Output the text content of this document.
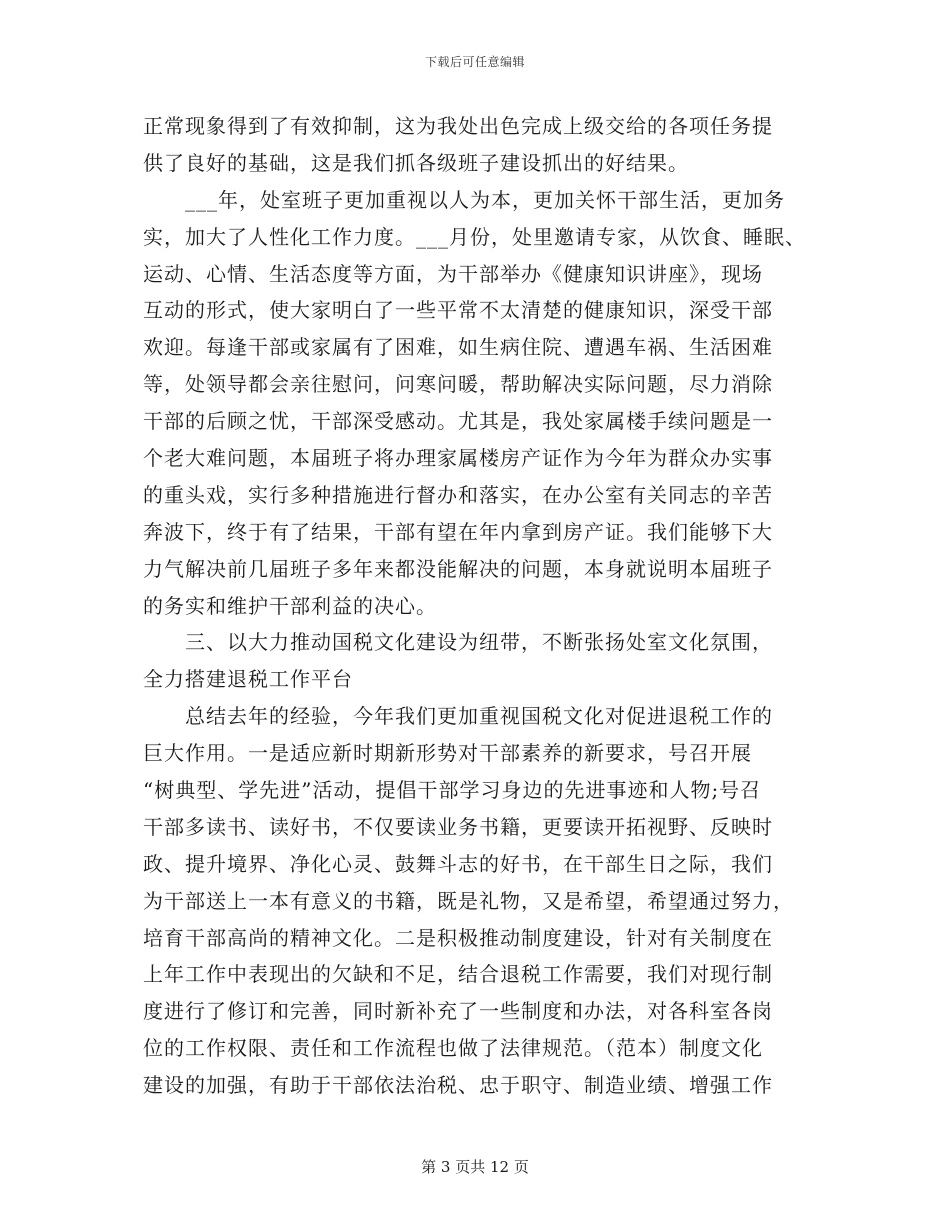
下载后可任意编辑
正常现象得到了有效抑制，这为我处出色完成上级交给的各项任务提
供了良好的基础，这是我们抓各级班子建设抓出的好结果。
　　___年，处室班子更加重视以人为本，更加关怀干部生活，更加务
实，加大了人性化工作力度。___月份，处里邀请专家，从饮食、睡眠、
运动、心情、生活态度等方面，为干部举办《健康知识讲座》，现场
互动的形式，使大家明白了一些平常不太清楚的健康知识，深受干部
欢迎。每逢干部或家属有了困难，如生病住院、遭遇车祸、生活困难
等，处领导都会亲往慰问，问寒问暖，帮助解决实际问题，尽力消除
干部的后顾之忧，干部深受感动。尤其是，我处家属楼手续问题是一
个老大难问题，本届班子将办理家属楼房产证作为今年为群众办实事
的重头戏，实行多种措施进行督办和落实，在办公室有关同志的辛苦
奔波下，终于有了结果，干部有望在年内拿到房产证。我们能够下大
力气解决前几届班子多年来都没能解决的问题，本身就说明本届班子
的务实和维护干部利益的决心。
　　三、以大力推动国税文化建设为纽带，不断张扬处室文化氛围，
全力搭建退税工作平台
　　总结去年的经验，今年我们更加重视国税文化对促进退税工作的
巨大作用。一是适应新时期新形势对干部素养的新要求，号召开展
“树典型、学先进”活动，提倡干部学习身边的先进事迹和人物;号召
干部多读书、读好书，不仅要读业务书籍，更要读开拓视野、反映时
政、提升境界、净化心灵、鼓舞斗志的好书，在干部生日之际，我们
为干部送上一本有意义的书籍，既是礼物，又是希望，希望通过努力，
培育干部高尚的精神文化。二是积极推动制度建设，针对有关制度在
上年工作中表现出的欠缺和不足，结合退税工作需要，我们对现行制
度进行了修订和完善，同时新补充了一些制度和办法，对各科室各岗
位的工作权限、责任和工作流程也做了法律规范。（范本）制度文化
建设的加强，有助于干部依法治税、忠于职守、制造业绩、增强工作
第 3 页共 12 页
